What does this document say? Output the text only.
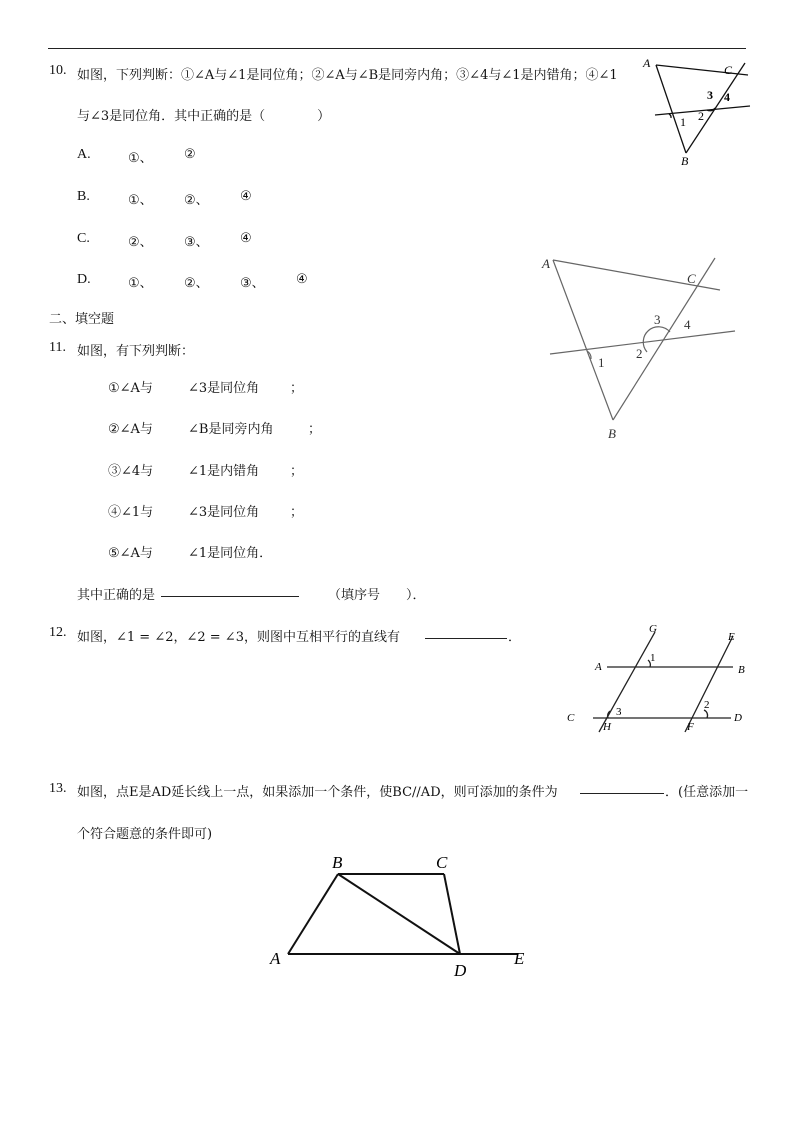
10. 如图，下列判断：①∠A与∠1是同位角；②∠A与∠B是同旁内角；③∠4与∠1是内错角；④∠1
与∠3是同位角．其中正确的是（　　　　）
A.	①、 ②
B.	①、 ②、 ④
C.	②、 ③、 ④
D.	①、 ②、 ③、 ④
A	C
B
1 2
3 4
二、填空题
11. 如图，有下列判断：
①∠A与	∠3是同位角 ；
②∠A与	∠B是同旁内角	；
③∠4与	∠1是内错角 ；
④∠1与	∠3是同位角 ；
⑤∠A与	∠1是同位角．
其中正确的是	（填序号　　）．
A
C
B
1
2
3 4
12. 如图，∠1 = ∠2，∠2 = ∠3，则图中互相平行的直线有	．
G
E
A	B
C	D
H	F
1
2
3
13. 如图，点E是AD延长线上一点，如果添加一个条件，使BC//AD，则可添加的条件为	．(任意添加一
个符合题意的条件即可)
B	C
A
D
E
